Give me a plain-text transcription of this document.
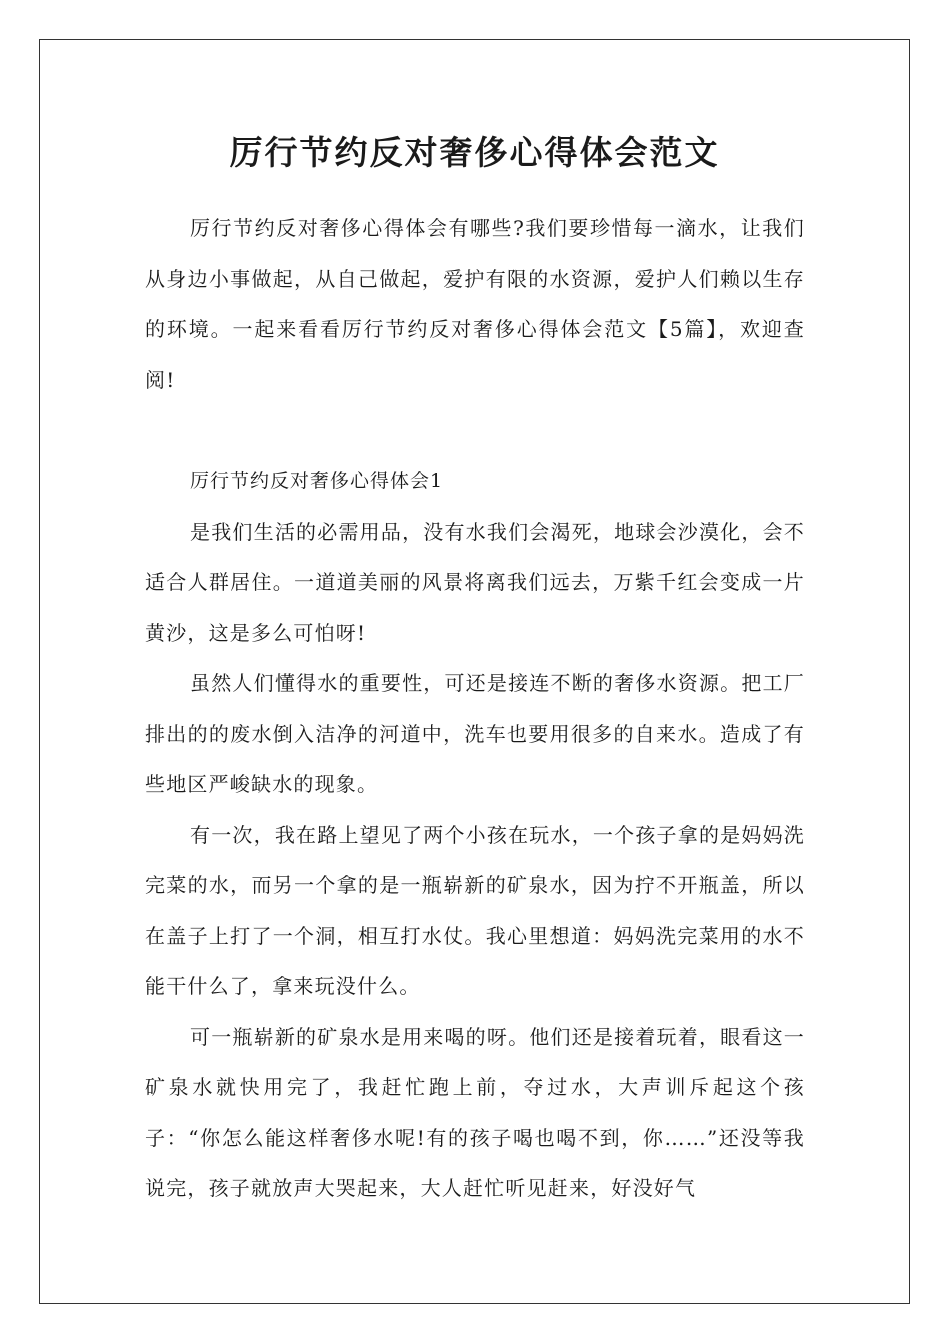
厉行节约反对奢侈心得体会范文

厉行节约反对奢侈心得体会有哪些?我们要珍惜每一滴水，让我们从身边小事做起，从自己做起，爱护有限的水资源，爱护人们赖以生存的环境。一起来看看厉行节约反对奢侈心得体会范文【5篇】，欢迎查阅!

厉行节约反对奢侈心得体会1

是我们生活的必需用品，没有水我们会渴死，地球会沙漠化，会不适合人群居住。一道道美丽的风景将离我们远去，万紫千红会变成一片黄沙，这是多么可怕呀!

虽然人们懂得水的重要性，可还是接连不断的奢侈水资源。把工厂排出的的废水倒入洁净的河道中，洗车也要用很多的自来水。造成了有些地区严峻缺水的现象。

有一次，我在路上望见了两个小孩在玩水，一个孩子拿的是妈妈洗完菜的水，而另一个拿的是一瓶崭新的矿泉水，因为拧不开瓶盖，所以在盖子上打了一个洞，相互打水仗。我心里想道：妈妈洗完菜用的水不能干什么了，拿来玩没什么。

可一瓶崭新的矿泉水是用来喝的呀。他们还是接着玩着，眼看这一矿泉水就快用完了，我赶忙跑上前，夺过水，大声训斥起这个孩子：“你怎么能这样奢侈水呢!有的孩子喝也喝不到，你……”还没等我说完，孩子就放声大哭起来，大人赶忙听见赶来，好没好气
